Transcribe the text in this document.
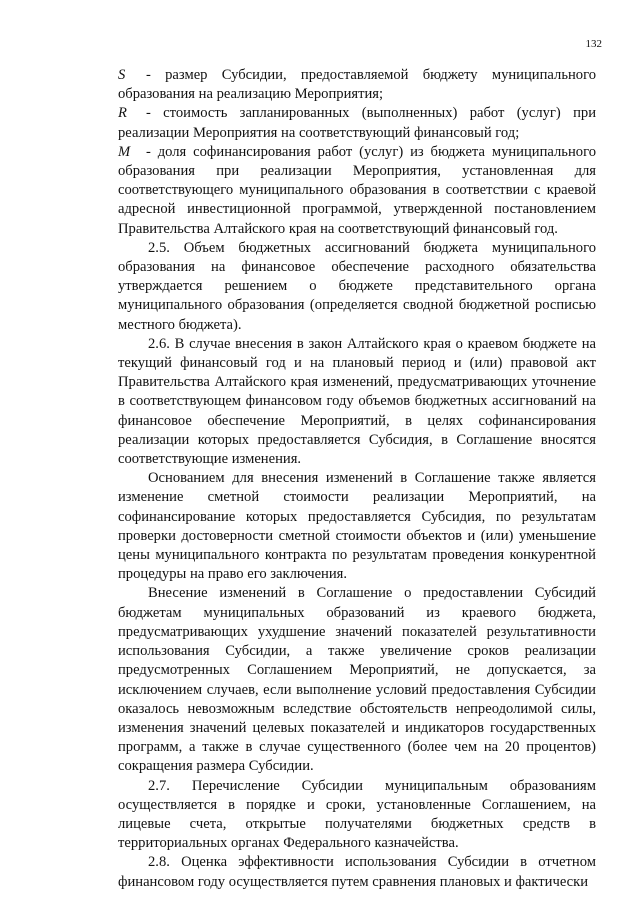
132

S - размер Субсидии, предоставляемой бюджету муниципального образования на реализацию Мероприятия;

R - стоимость запланированных (выполненных) работ (услуг) при реализации Мероприятия на соответствующий финансовый год;

M - доля софинансирования работ (услуг) из бюджета муниципального образования при реализации Мероприятия, установленная для соответствующего муниципального образования в соответствии с краевой адресной инвестиционной программой, утвержденной постановлением Правительства Алтайского края на соответствующий финансовый год.

2.5. Объем бюджетных ассигнований бюджета муниципального образования на финансовое обеспечение расходного обязательства утверждается решением о бюджете представительного органа муниципального образования (определяется сводной бюджетной росписью местного бюджета).

2.6. В случае внесения в закон Алтайского края о краевом бюджете на текущий финансовый год и на плановый период и (или) правовой акт Правительства Алтайского края изменений, предусматривающих уточнение в соответствующем финансовом году объемов бюджетных ассигнований на финансовое обеспечение Мероприятий, в целях софинансирования реализации которых предоставляется Субсидия, в Соглашение вносятся соответствующие изменения.

Основанием для внесения изменений в Соглашение также является изменение сметной стоимости реализации Мероприятий, на софинансирование которых предоставляется Субсидия, по результатам проверки достоверности сметной стоимости объектов и (или) уменьшение цены муниципального контракта по результатам проведения конкурентной процедуры на право его заключения.

Внесение изменений в Соглашение о предоставлении Субсидий бюджетам муниципальных образований из краевого бюджета, предусматривающих ухудшение значений показателей результативности использования Субсидии, а также увеличение сроков реализации предусмотренных Соглашением Мероприятий, не допускается, за исключением случаев, если выполнение условий предоставления Субсидии оказалось невозможным вследствие обстоятельств непреодолимой силы, изменения значений целевых показателей и индикаторов государственных программ, а также в случае существенного (более чем на 20 процентов) сокращения размера Субсидии.

2.7. Перечисление Субсидии муниципальным образованиям осуществляется в порядке и сроки, установленные Соглашением, на лицевые счета, открытые получателями бюджетных средств в территориальных органах Федерального казначейства.

2.8. Оценка эффективности использования Субсидии в отчетном финансовом году осуществляется путем сравнения плановых и фактически
